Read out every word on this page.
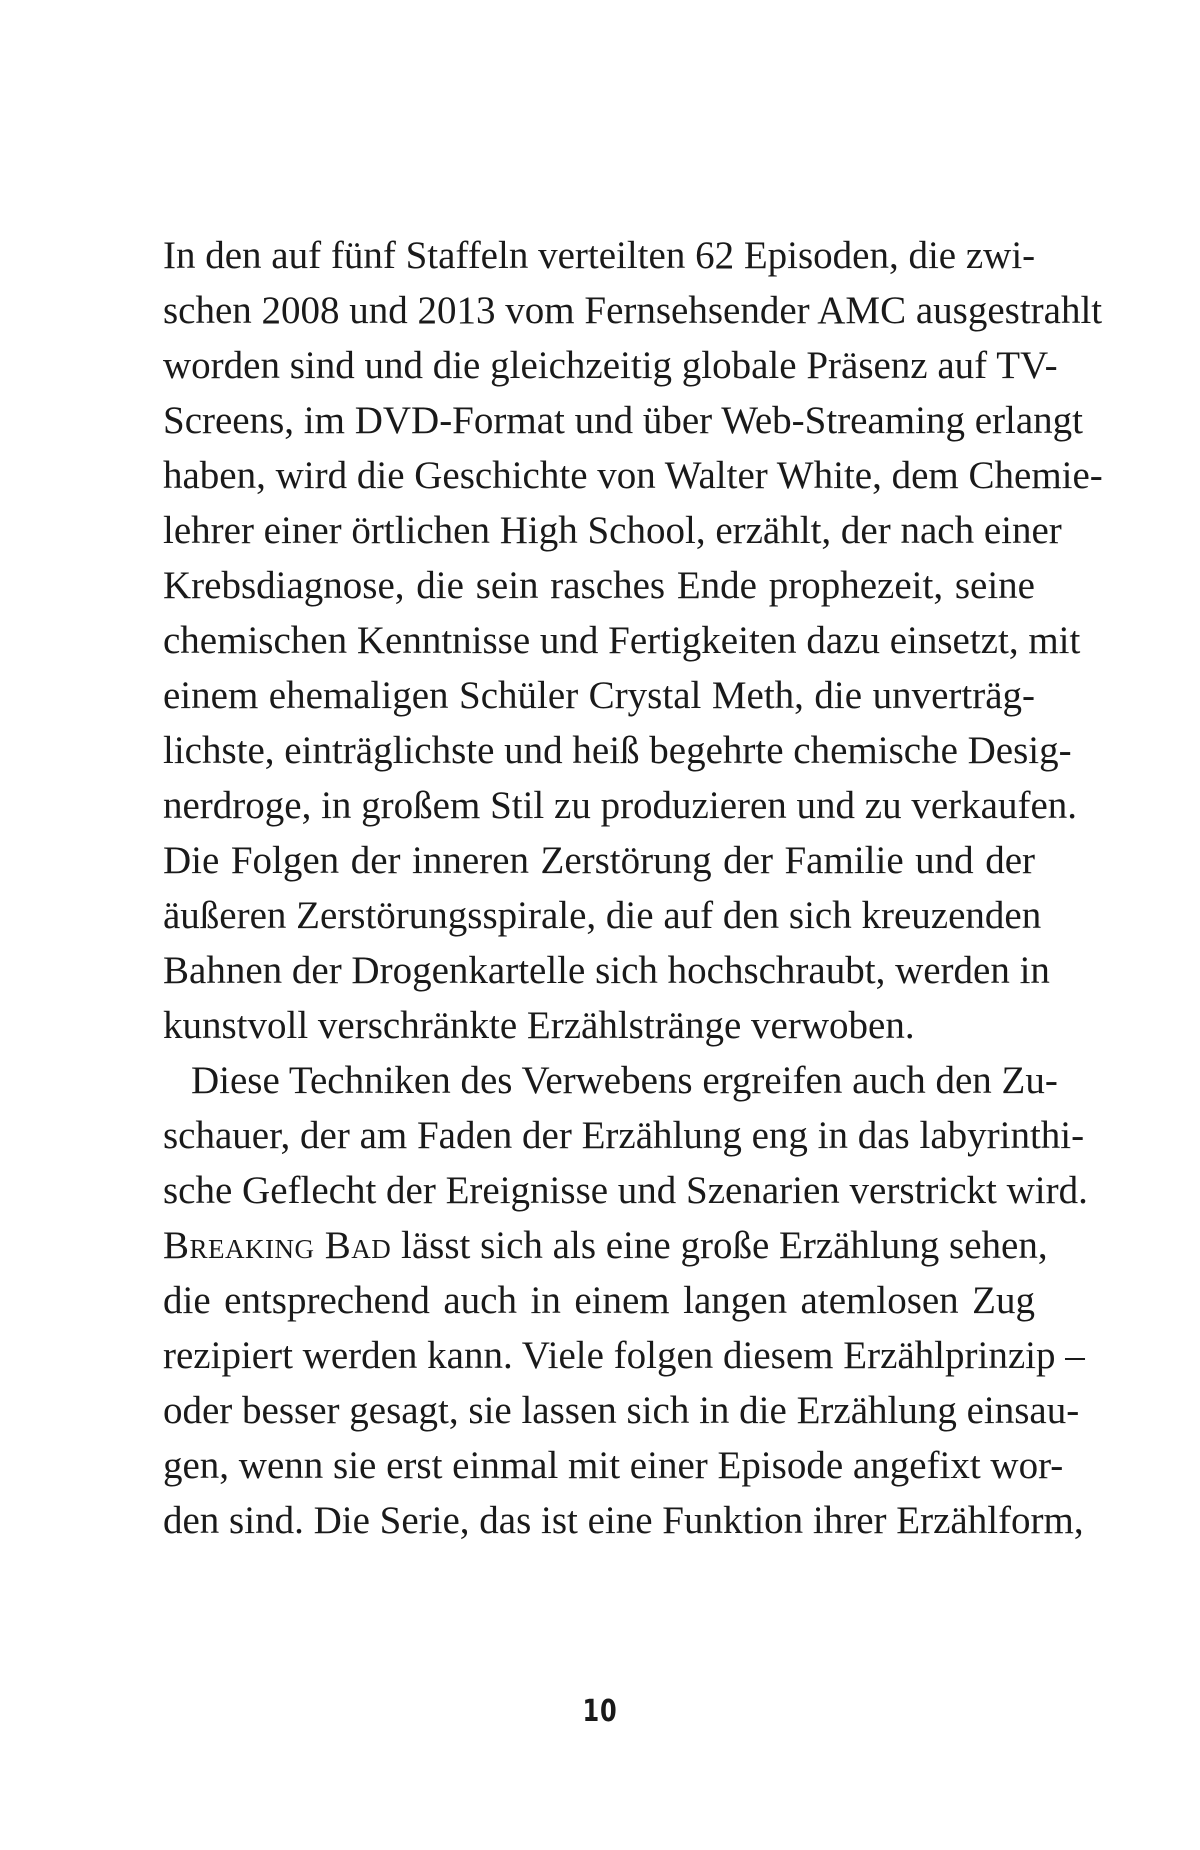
In den auf fünf Staffeln verteilten 62 Episoden, die zwi-
schen 2008 und 2013 vom Fernsehsender AMC ausgestrahlt
worden sind und die gleichzeitig globale Präsenz auf TV-
Screens, im DVD-Format und über Web-Streaming erlangt
haben, wird die Geschichte von Walter White, dem Chemie-
lehrer einer örtlichen High School, erzählt, der nach einer
Krebsdiagnose, die sein rasches Ende prophezeit, seine
chemischen Kenntnisse und Fertigkeiten dazu einsetzt, mit
einem ehemaligen Schüler Crystal Meth, die unverträg-
lichste, einträglichste und heiß begehrte chemische Desig-
nerdroge, in großem Stil zu produzieren und zu verkaufen.
Die Folgen der inneren Zerstörung der Familie und der
äußeren Zerstörungsspirale, die auf den sich kreuzenden
Bahnen der Drogenkartelle sich hochschraubt, werden in
kunstvoll verschränkte Erzählstränge verwoben.
Diese Techniken des Verwebens ergreifen auch den Zu-
schauer, der am Faden der Erzählung eng in das labyrinthi-
sche Geflecht der Ereignisse und Szenarien verstrickt wird.
Breaking Bad lässt sich als eine große Erzählung sehen,
die entsprechend auch in einem langen atemlosen Zug
rezipiert werden kann. Viele folgen diesem Erzählprinzip –
oder besser gesagt, sie lassen sich in die Erzählung einsau-
gen, wenn sie erst einmal mit einer Episode angefixt wor-
den sind. Die Serie, das ist eine Funktion ihrer Erzählform,
10
